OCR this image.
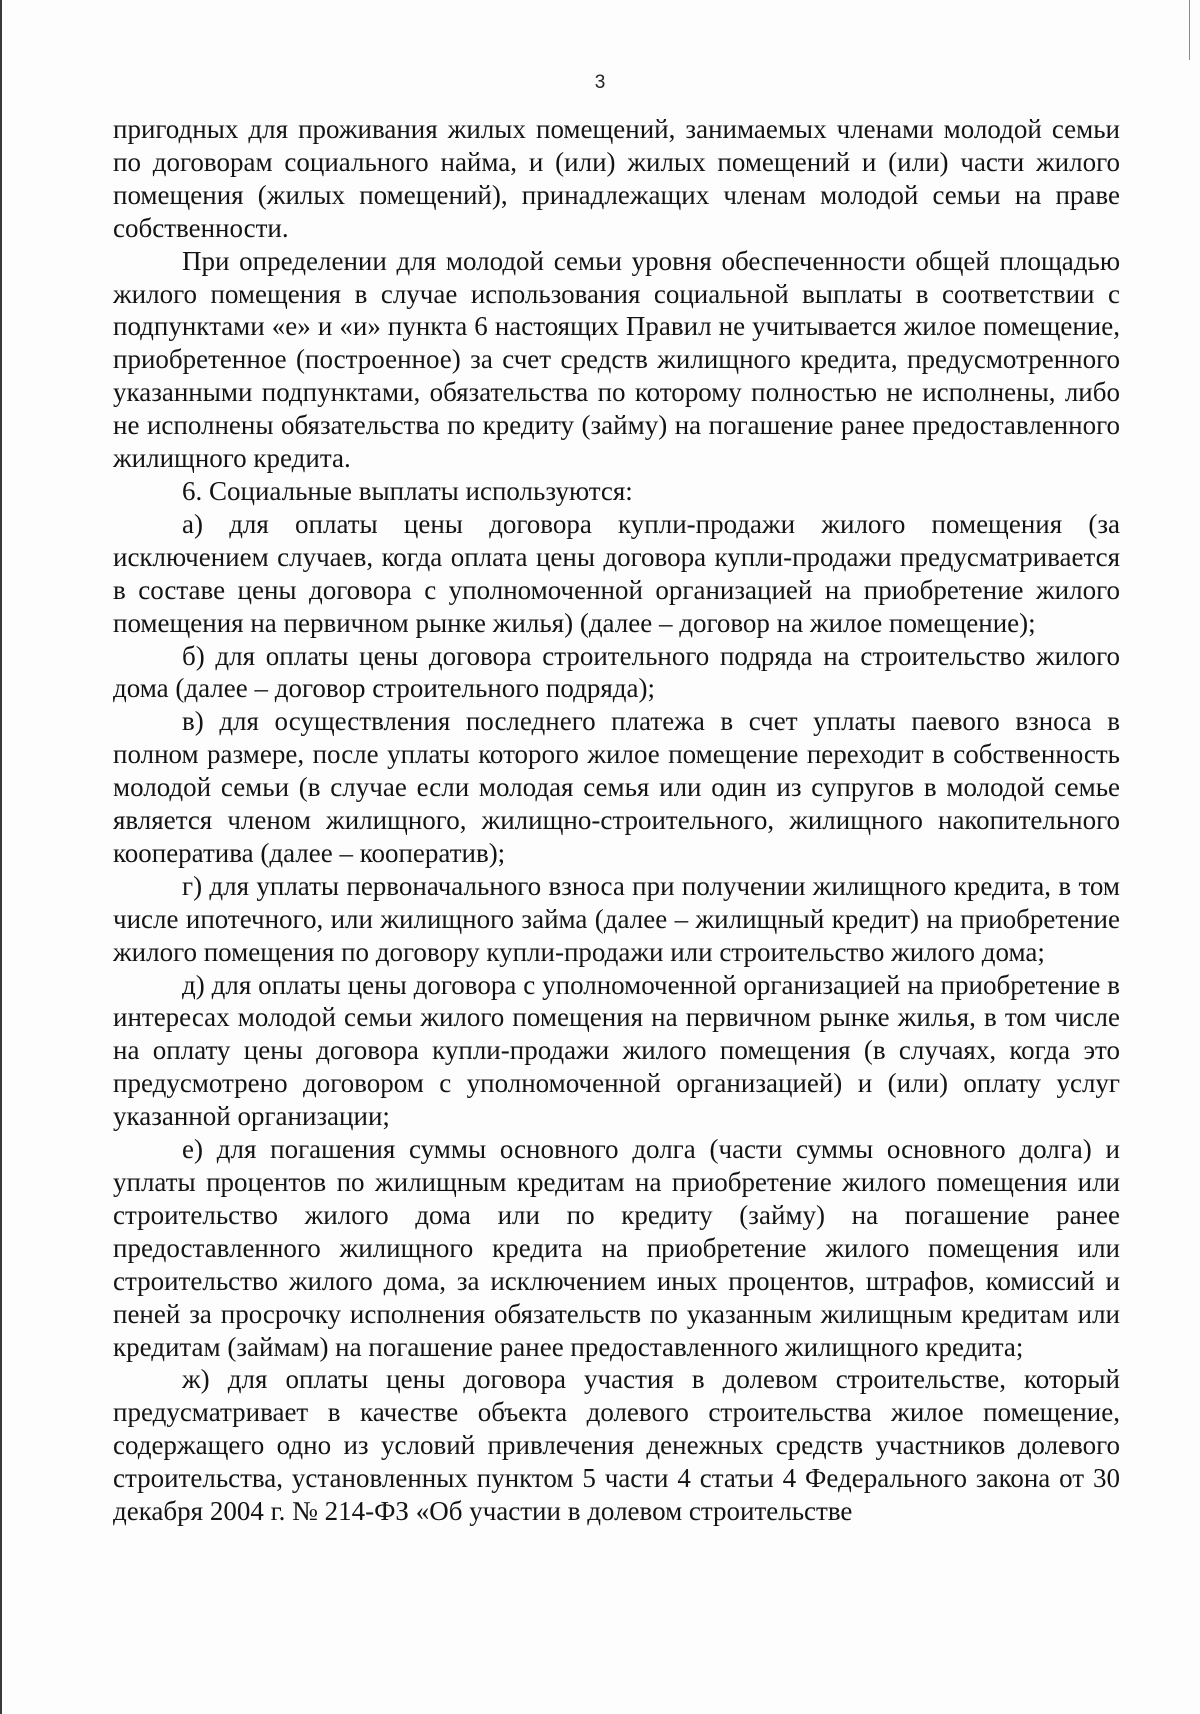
3

пригодных для проживания жилых помещений, занимаемых членами молодой семьи по договорам социального найма, и (или) жилых помещений и (или) части жилого помещения (жилых помещений), принадлежащих членам молодой семьи на праве собственности.

При определении для молодой семьи уровня обеспеченности общей площадью жилого помещения в случае использования социальной выплаты в соответствии с подпунктами «е» и «и» пункта 6 настоящих Правил не учитывается жилое помещение, приобретенное (построенное) за счет средств жилищного кредита, предусмотренного указанными подпунктами, обязательства по которому полностью не исполнены, либо не исполнены обязательства по кредиту (займу) на погашение ранее предоставленного жилищного кредита.

6. Социальные выплаты используются:

а) для оплаты цены договора купли-продажи жилого помещения (за исключением случаев, когда оплата цены договора купли-продажи предусматривается в составе цены договора с уполномоченной организацией на приобретение жилого помещения на первичном рынке жилья) (далее – договор на жилое помещение);

б) для оплаты цены договора строительного подряда на строительство жилого дома (далее – договор строительного подряда);

в) для осуществления последнего платежа в счет уплаты паевого взноса в полном размере, после уплаты которого жилое помещение переходит в собственность молодой семьи (в случае если молодая семья или один из супругов в молодой семье является членом жилищного, жилищно-строительного, жилищного накопительного кооператива (далее – кооператив);

г) для уплаты первоначального взноса при получении жилищного кредита, в том числе ипотечного, или жилищного займа (далее – жилищный кредит) на приобретение жилого помещения по договору купли-продажи или строительство жилого дома;

д) для оплаты цены договора с уполномоченной организацией на приобретение в интересах молодой семьи жилого помещения на первичном рынке жилья, в том числе на оплату цены договора купли-продажи жилого помещения (в случаях, когда это предусмотрено договором с уполномоченной организацией) и (или) оплату услуг указанной организации;

е) для погашения суммы основного долга (части суммы основного долга) и уплаты процентов по жилищным кредитам на приобретение жилого помещения или строительство жилого дома или по кредиту (займу) на погашение ранее предоставленного жилищного кредита на приобретение жилого помещения или строительство жилого дома, за исключением иных процентов, штрафов, комиссий и пеней за просрочку исполнения обязательств по указанным жилищным кредитам или кредитам (займам) на погашение ранее предоставленного жилищного кредита;

ж) для оплаты цены договора участия в долевом строительстве, который предусматривает в качестве объекта долевого строительства жилое помещение, содержащего одно из условий привлечения денежных средств участников долевого строительства, установленных пунктом 5 части 4 статьи 4 Федерального закона от 30 декабря 2004 г. № 214-ФЗ «Об участии в долевом строительстве
